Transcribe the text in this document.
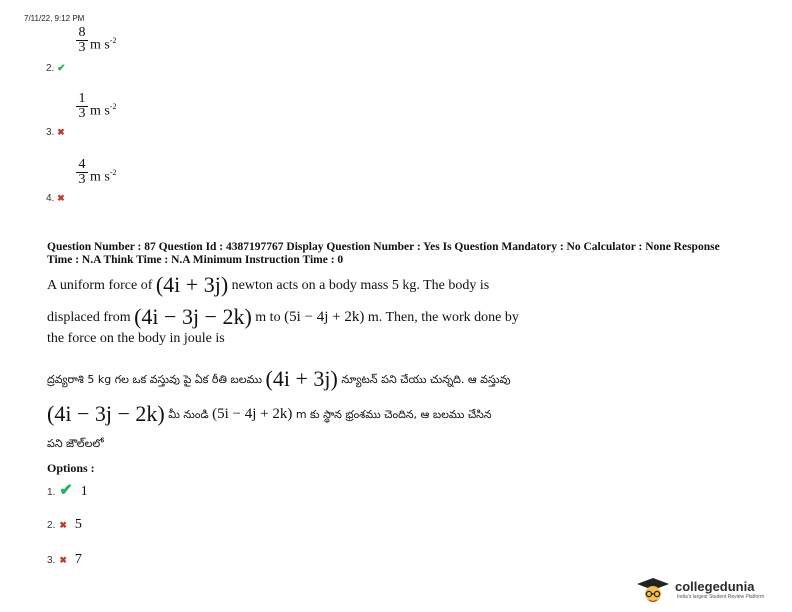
7/11/22, 9:12 PM
2. ✔
8
3 m $s^{-2}$
3. ✖
1
3 m $s^{-2}$
4. ✖
4
3 m $s^{-2}$
Question Number : 87 Question Id : 4387197767 Display Question Number : Yes Is Question Mandatory : No Calculator : None Response
Time : N.A Think Time : N.A Minimum Instruction Time : 0
A uniform force of (4i + 3j) newton acts on a body mass 5 kg. The body is
displaced from (4i − 3j − 2k) m to (5i − 4j + 2k) m. Then, the work done by
the force on the body in joule is
ద్రవ్యరాశి 5 kg గల ఒక వస్తువు పై ఏక రీతి బలము (4i + 3j) న్యూటన్ పని చేయు చున్నది. ఆ వస్తువు
(4i − 3j − 2k) మీ నుండి (5i − 4j + 2k) m కు స్థాన భ్రంశము చెందిన, ఆ బలము చేసిన
పని జౌల్‌లలో
Options :
1. ✔ 1
2. ✖ 5
3. ✖ 7
collegedunia
India's largest Student Review Platform
